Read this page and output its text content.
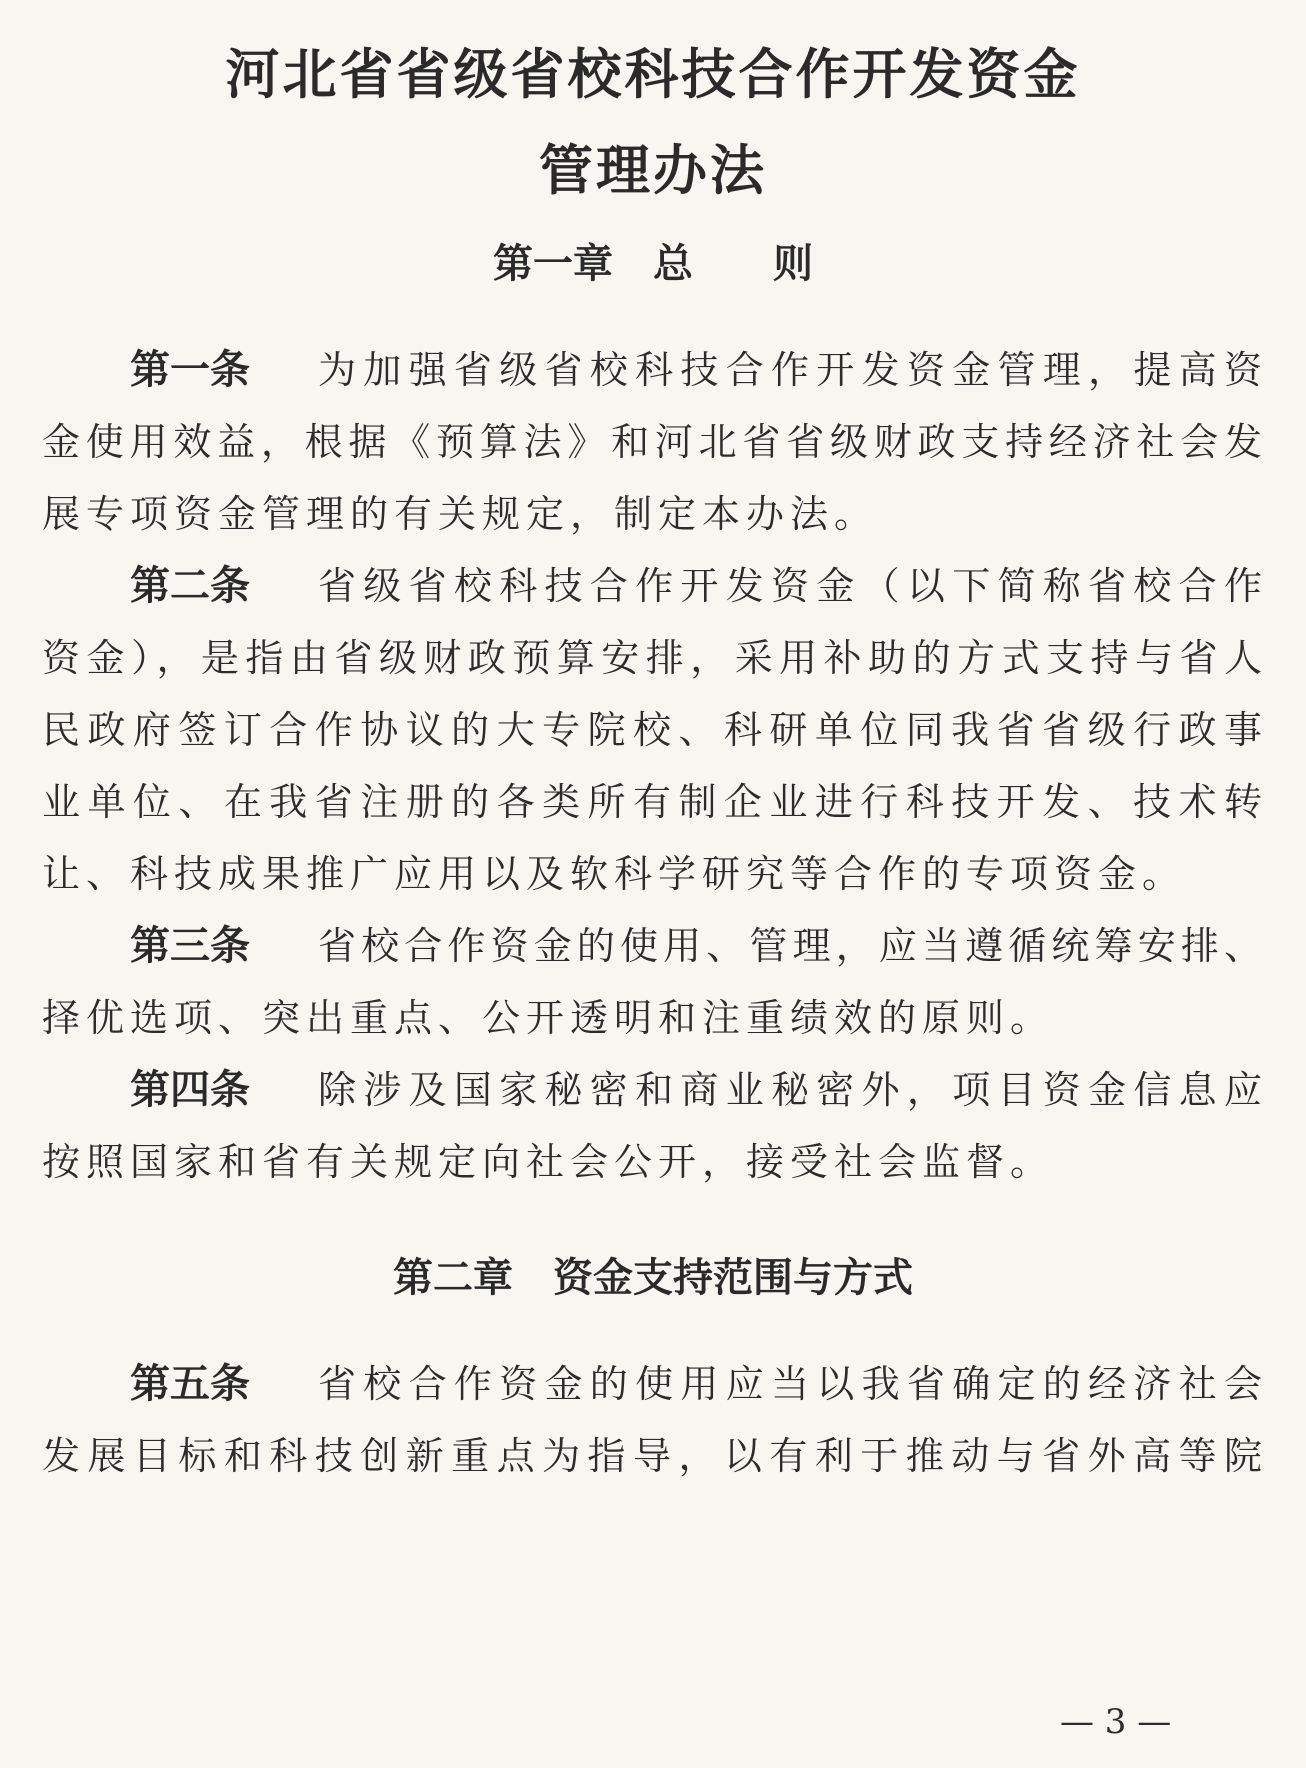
河北省省级省校科技合作开发资金
管理办法
第一章　总　　则
第一条 为加强省级省校科技合作开发资金管理，提高资
金使用效益，根据《预算法》和河北省省级财政支持经济社会发
展专项资金管理的有关规定，制定本办法。
第二条 省级省校科技合作开发资金（以下简称省校合作
资金），是指由省级财政预算安排，采用补助的方式支持与省人
民政府签订合作协议的大专院校、科研单位同我省省级行政事
业单位、在我省注册的各类所有制企业进行科技开发、技术转
让、科技成果推广应用以及软科学研究等合作的专项资金。
第三条 省校合作资金的使用、管理，应当遵循统筹安排、
择优选项、突出重点、公开透明和注重绩效的原则。
第四条 除涉及国家秘密和商业秘密外，项目资金信息应
按照国家和省有关规定向社会公开，接受社会监督。
第二章　资金支持范围与方式
第五条 省校合作资金的使用应当以我省确定的经济社会
发展目标和科技创新重点为指导，以有利于推动与省外高等院
— 3 —
